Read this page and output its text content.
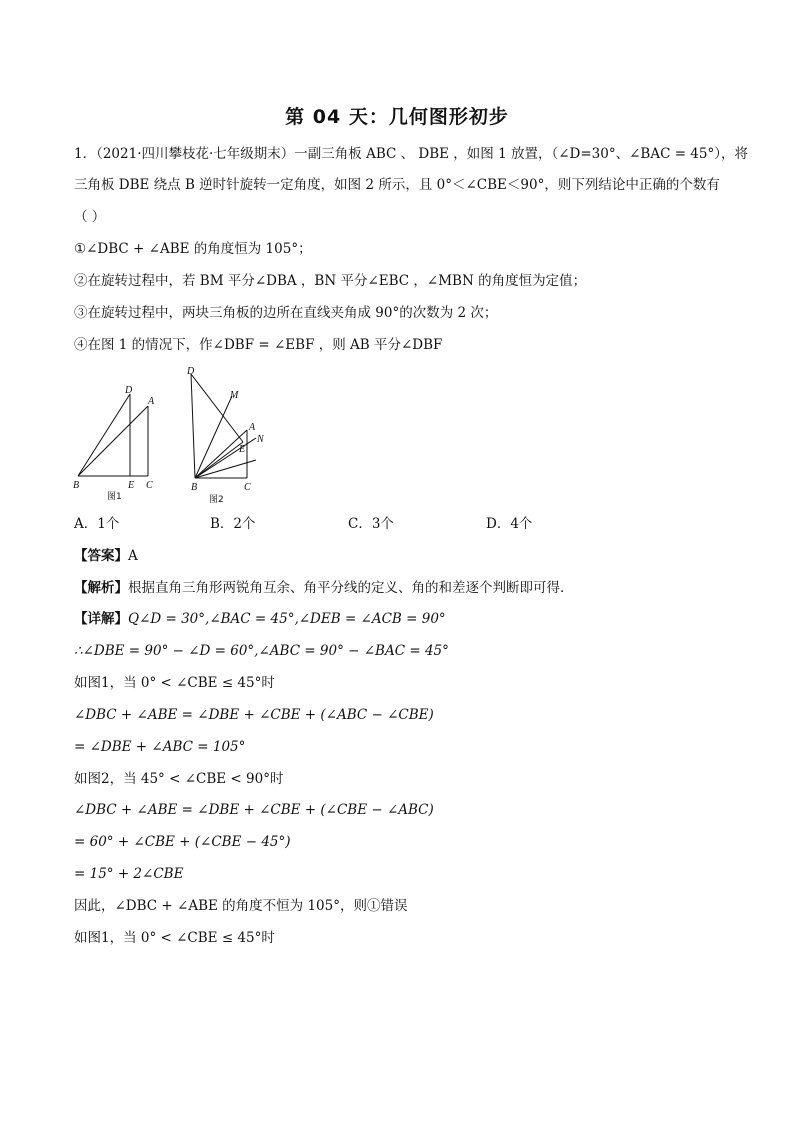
第 04 天：几何图形初步
1．（2021·四川攀枝花·七年级期末）一副三角板 ABC 、 DBE ，如图 1 放置，（∠D=30°、∠BAC = 45°），将
三角板 DBE 绕点 B 逆时针旋转一定角度，如图 2 所示，且 0°＜∠CBE＜90°，则下列结论中正确的个数有
（ ）
①∠DBC + ∠ABE 的角度恒为 105°；
②在旋转过程中，若 BM 平分∠DBA ，BN 平分∠EBC ，∠MBN 的角度恒为定值；
③在旋转过程中，两块三角板的边所在直线夹角成 90°的次数为 2 次；
④在图 1 的情况下，作∠DBF = ∠EBF ，则 AB 平分∠DBF
D
A
B	E C
图1
D
M
A
E
N
B	C
图2
A．1个	B．2个	C．3个	D．4个
【答案】A
【解析】根据直角三角形两锐角互余、角平分线的定义、角的和差逐个判断即可得．
【详解】Q∠D = 30°,∠BAC = 45°,∠DEB = ∠ACB = 90°
∴∠DBE = 90° − ∠D = 60°,∠ABC = 90° − ∠BAC = 45°
如图1，当 0° < ∠CBE ≤ 45°时
∠DBC + ∠ABE = ∠DBE + ∠CBE + (∠ABC − ∠CBE)
= ∠DBE + ∠ABC = 105°
如图2，当 45° < ∠CBE < 90°时
∠DBC + ∠ABE = ∠DBE + ∠CBE + (∠CBE − ∠ABC)
= 60° + ∠CBE + (∠CBE − 45°)
= 15° + 2∠CBE
因此，∠DBC + ∠ABE 的角度不恒为 105°，则①错误
如图1，当 0° < ∠CBE ≤ 45°时
